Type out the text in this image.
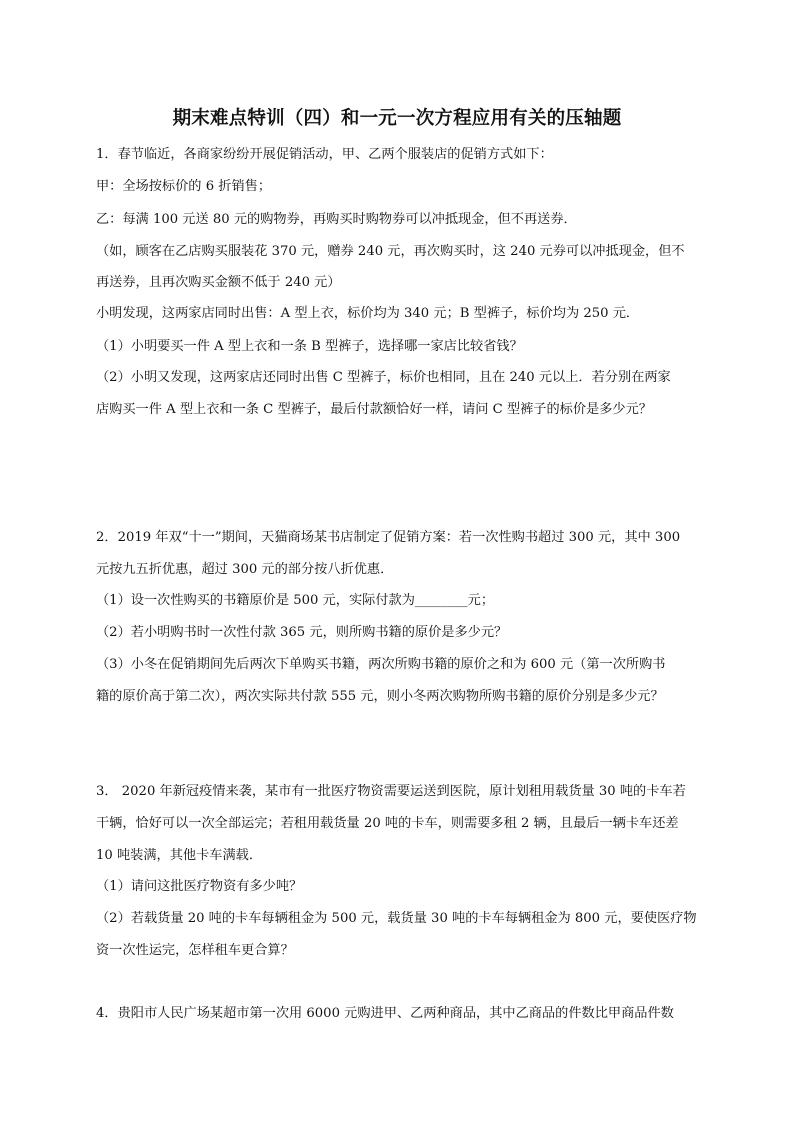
期末难点特训（四）和一元一次方程应用有关的压轴题
1．春节临近，各商家纷纷开展促销活动，甲、乙两个服装店的促销方式如下：
甲：全场按标价的 6 折销售；
乙：每满 100 元送 80 元的购物券，再购买时购物券可以冲抵现金，但不再送券．
（如，顾客在乙店购买服装花 370 元，赠券 240 元，再次购买时，这 240 元券可以冲抵现金，但不
再送券，且再次购买金额不低于 240 元）
小明发现，这两家店同时出售：A 型上衣，标价均为 340 元；B 型裤子，标价均为 250 元．
（1）小明要买一件 A 型上衣和一条 B 型裤子，选择哪一家店比较省钱？
（2）小明又发现，这两家店还同时出售 C 型裤子，标价也相同，且在 240 元以上．若分别在两家
店购买一件 A 型上衣和一条 C 型裤子，最后付款额恰好一样，请问 C 型裤子的标价是多少元？
2．2019 年双“十一”期间，天猫商场某书店制定了促销方案：若一次性购书超过 300 元，其中 300
元按九五折优惠，超过 300 元的部分按八折优惠．
（1）设一次性购买的书籍原价是 500 元，实际付款为________元；
（2）若小明购书时一次性付款 365 元，则所购书籍的原价是多少元？
（3）小冬在促销期间先后两次下单购买书籍，两次所购书籍的原价之和为 600 元（第一次所购书
籍的原价高于第二次），两次实际共付款 555 元，则小冬两次购物所购书籍的原价分别是多少元？
3． 2020 年新冠疫情来袭，某市有一批医疗物资需要运送到医院，原计划租用载货量 30 吨的卡车若
干辆，恰好可以一次全部运完；若租用载货量 20 吨的卡车，则需要多租 2 辆，且最后一辆卡车还差
10 吨装满，其他卡车满载．
（1）请问这批医疗物资有多少吨？
（2）若载货量 20 吨的卡车每辆租金为 500 元，载货量 30 吨的卡车每辆租金为 800 元，要使医疗物
资一次性运完，怎样租车更合算？
4．贵阳市人民广场某超市第一次用 6000 元购进甲、乙两种商品，其中乙商品的件数比甲商品件数
